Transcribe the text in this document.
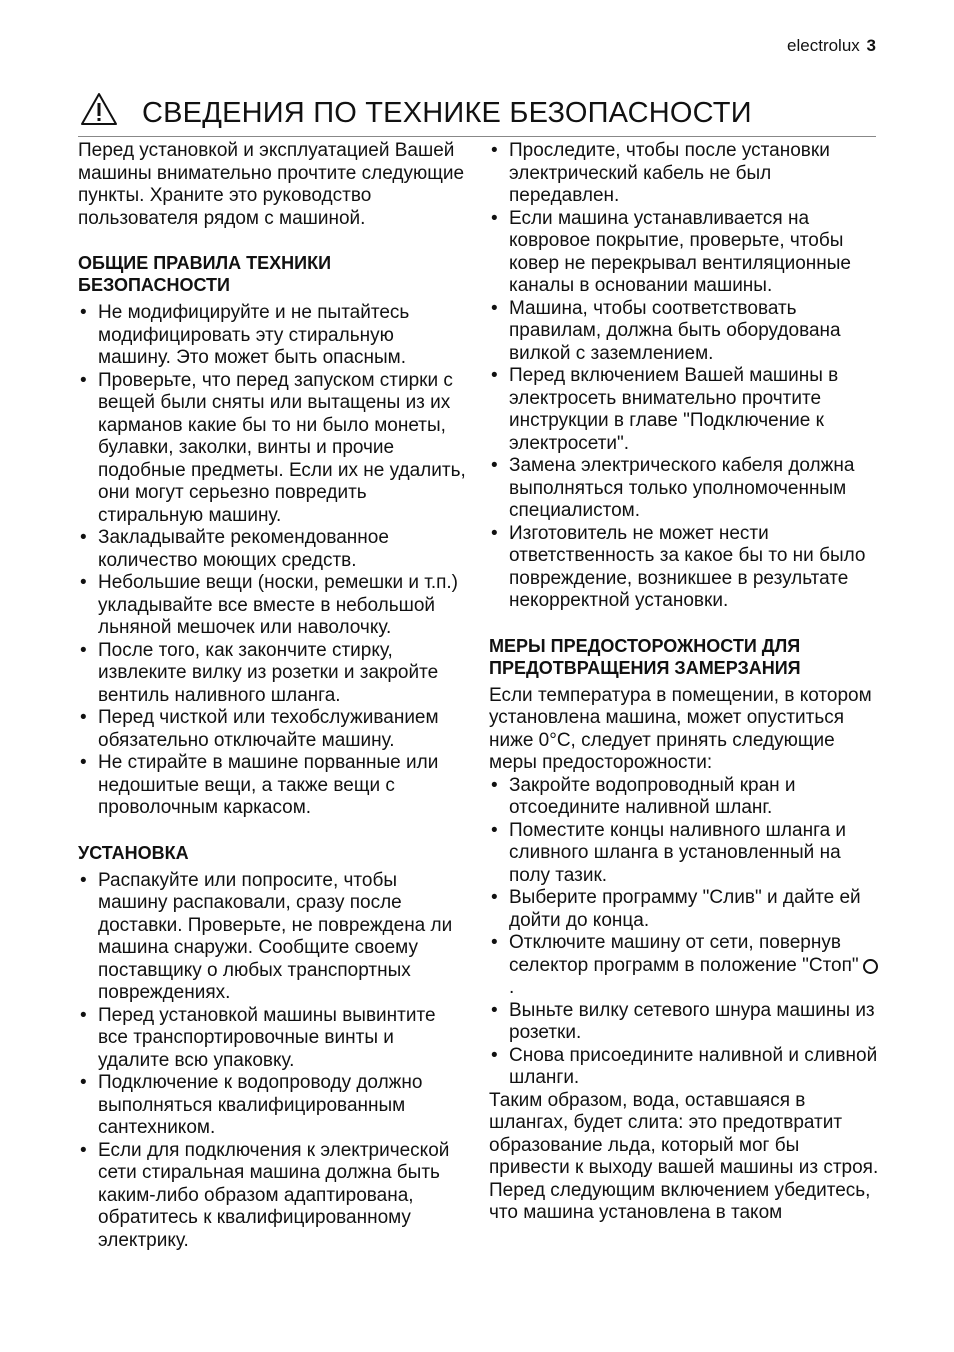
electrolux 3
СВЕДЕНИЯ ПО ТЕХНИКЕ БЕЗОПАСНОСТИ

Перед установкой и эксплуатацией Вашей машины внимательно прочтите следующие пункты. Храните это руководство пользователя рядом с машиной.

ОБЩИЕ ПРАВИЛА ТЕХНИКИ БЕЗОПАСНОСТИ
• Не модифицируйте и не пытайтесь модифицировать эту стиральную машину. Это может быть опасным.
• Проверьте, что перед запуском стирки с вещей были сняты или вытащены из их карманов какие бы то ни было монеты, булавки, заколки, винты и прочие подобные предметы. Если их не удалить, они могут серьезно повредить стиральную машину.
• Закладывайте рекомендованное количество моющих средств.
• Небольшие вещи (носки, ремешки и т.п.) укладывайте все вместе в небольшой льняной мешочек или наволочку.
• После того, как закончите стирку, извлеките вилку из розетки и закройте вентиль наливного шланга.
• Перед чисткой или техобслуживанием обязательно отключайте машину.
• Не стирайте в машине порванные или недошитые вещи, а также вещи с проволочным каркасом.
УСТАНОВКА
• Распакуйте или попросите, чтобы машину распаковали, сразу после доставки. Проверьте, не повреждена ли машина снаружи. Сообщите своему поставщику о любых транспортных повреждениях.
• Перед установкой машины вывинтите все транспортировочные винты и удалите всю упаковку.
• Подключение к водопроводу должно выполняться квалифицированным сантехником.
• Если для подключения к электрической сети стиральная машина должна быть каким-либо образом адаптирована, обратитесь к квалифицированному электрику.
• Проследите, чтобы после установки электрический кабель не был передавлен.
• Если машина устанавливается на ковровое покрытие, проверьте, чтобы ковер не перекрывал вентиляционные каналы в основании машины.
• Машина, чтобы соответствовать правилам, должна быть оборудована вилкой с заземлением.
• Перед включением Вашей машины в электросеть внимательно прочтите инструкции в главе "Подключение к электросети".
• Замена электрического кабеля должна выполняться только уполномоченным специалистом.
• Изготовитель не может нести ответственность за какое бы то ни было повреждение, возникшее в результате некорректной установки.
МЕРЫ ПРЕДОСТОРОЖНОСТИ ДЛЯ ПРЕДОТВРАЩЕНИЯ ЗАМЕРЗАНИЯ

Если температура в помещении, в котором установлена машина, может опуститься ниже 0°C, следует принять следующие меры предосторожности:

• Закройте водопроводный кран и отсоедините наливной шланг.
• Поместите концы наливного шланга и сливного шланга в установленный на полу тазик.
• Выберите программу "Слив" и дайте ей дойти до конца.
• Отключите машину от сети, повернув селектор программ в положение "Стоп".
• Выньте вилку сетевого шнура машины из розетки.
• Снова присоедините наливной и сливной шланги.

Таким образом, вода, оставшаяся в шлангах, будет слита: это предотвратит образование льда, который мог бы привести к выходу вашей машины из строя. Перед следующим включением убедитесь, что машина установлена в таком
